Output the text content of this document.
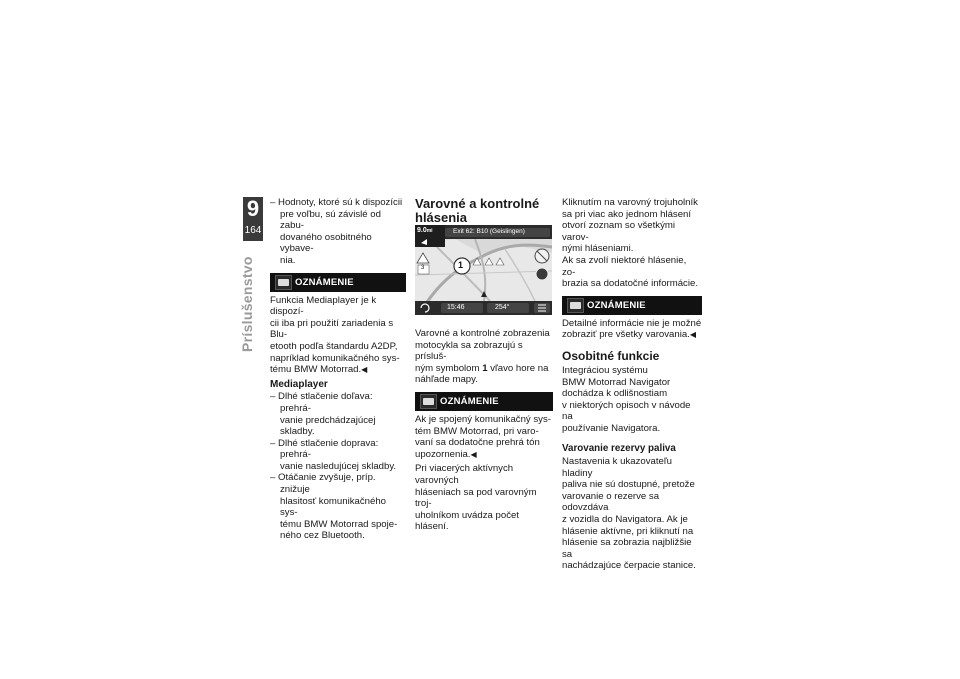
9
164
Príslušenstvo

– Hodnoty, ktoré sú k dispozícii

pre voľbu, sú závislé od zabu-
dovaného osobitného vybave-
nia.

OZNÁMENIE

Funkcia Mediaplayer je k dispozí-
cii iba pri použití zariadenia s Blu-
etooth podľa štandardu A2DP,
napríklad komunikačného sys-
tému BMW Motorrad.◀

Mediaplayer

– Dlhé stlačenie doľava: prehrá-

vanie predchádzajúcej skladby.

– Dlhé stlačenie doprava: prehrá-

vanie nasledujúcej skladby.

– Otáčanie zvyšuje, príp. znižuje

hlasitosť komunikačného sys-
tému BMW Motorrad spoje-
ného cez Bluetooth.

Varovné a kontrolné
hlásenia
9.0mi	Exit 62: B10 (Geislingen)
1
3
15:46	254°

Varovné a kontrolné zobrazenia
motocykla sa zobrazujú s prísluš-
ným symbolom 1 vľavo hore na
náhľade mapy.

OZNÁMENIE

Ak je spojený komunikačný sys-
tém BMW Motorrad, pri varo-
vaní sa dodatočne prehrá tón
upozornenia.◀

Pri viacerých aktívnych varovných
hláseniach sa pod varovným troj-
uholníkom uvádza počet hlásení.

Kliknutím na varovný trojuholník
sa pri viac ako jednom hlásení
otvorí zoznam so všetkými varov-
nými hláseniami.
Ak sa zvolí niektoré hlásenie, zo-
brazia sa dodatočné informácie.

OZNÁMENIE

Detailné informácie nie je možné
zobraziť pre všetky varovania.◀

Osobitné funkcie

Integráciou systému
BMW Motorrad Navigator
dochádza k odlišnostiam
v niektorých opisoch v návode na
používanie Navigatora.

Varovanie rezervy paliva

Nastavenia k ukazovateľu hladiny
paliva nie sú dostupné, pretože
varovanie o rezerve sa odovzdáva
z vozidla do Navigatora. Ak je
hlásenie aktívne, pri kliknutí na
hlásenie sa zobrazia najbližšie sa
nachádzajúce čerpacie stanice.
